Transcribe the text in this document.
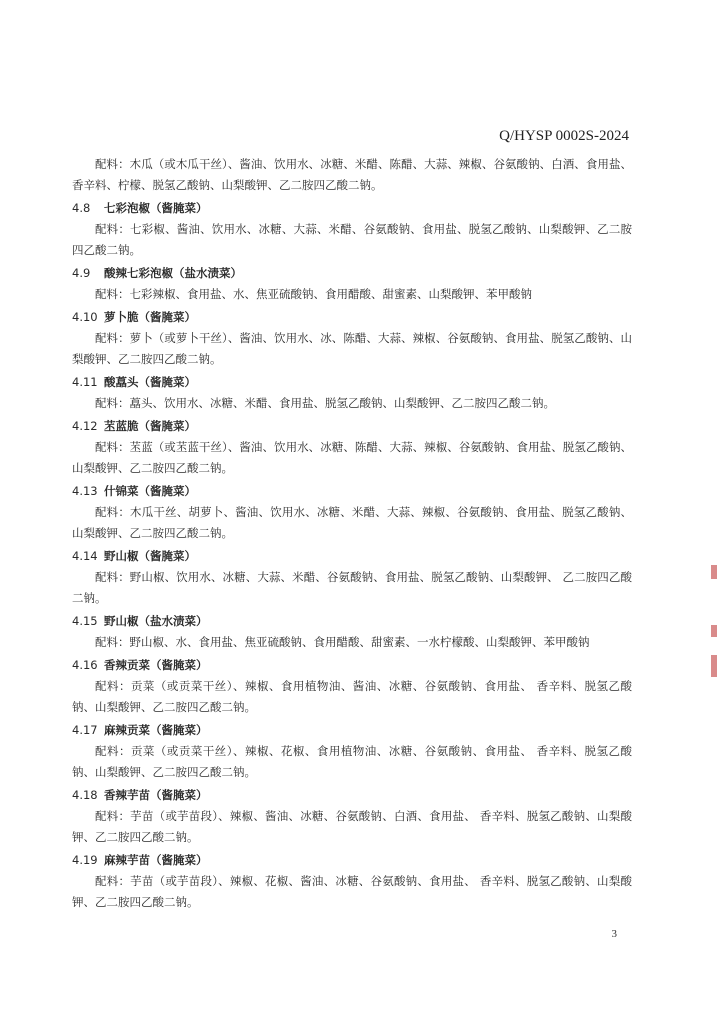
Q/HYSP 0002S-2024

配料：木瓜（或木瓜干丝）、酱油、饮用水、冰糖、米醋、陈醋、大蒜、辣椒、谷氨酸钠、白酒、食用盐、香辛料、柠檬、脱氢乙酸钠、山梨酸钾、乙二胺四乙酸二钠。

4.8 七彩泡椒（酱腌菜）

配料：七彩椒、酱油、饮用水、冰糖、大蒜、米醋、谷氨酸钠、食用盐、脱氢乙酸钠、山梨酸钾、乙二胺四乙酸二钠。

4.9 酸辣七彩泡椒（盐水渍菜）

配料：七彩辣椒、食用盐、水、焦亚硫酸钠、食用醋酸、甜蜜素、山梨酸钾、苯甲酸钠

4.10 萝卜脆（酱腌菜）

配料：萝卜（或萝卜干丝）、酱油、饮用水、冰、陈醋、大蒜、辣椒、谷氨酸钠、食用盐、脱氢乙酸钠、山梨酸钾、乙二胺四乙酸二钠。

4.11 酸藠头（酱腌菜）

配料：藠头、饮用水、冰糖、米醋、食用盐、脱氢乙酸钠、山梨酸钾、乙二胺四乙酸二钠。

4.12 苤蓝脆（酱腌菜）

配料：苤蓝（或苤蓝干丝）、酱油、饮用水、冰糖、陈醋、大蒜、辣椒、谷氨酸钠、食用盐、脱氢乙酸钠、山梨酸钾、乙二胺四乙酸二钠。

4.13 什锦菜（酱腌菜）

配料：木瓜干丝、胡萝卜、酱油、饮用水、冰糖、米醋、大蒜、辣椒、谷氨酸钠、食用盐、脱氢乙酸钠、山梨酸钾、乙二胺四乙酸二钠。

4.14 野山椒（酱腌菜）

配料：野山椒、饮用水、冰糖、大蒜、米醋、谷氨酸钠、食用盐、脱氢乙酸钠、山梨酸钾、 乙二胺四乙酸二钠。

4.15 野山椒（盐水渍菜）

配料：野山椒、水、食用盐、焦亚硫酸钠、食用醋酸、甜蜜素、一水柠檬酸、山梨酸钾、苯甲酸钠

4.16 香辣贡菜（酱腌菜）

配料：贡菜（或贡菜干丝）、辣椒、食用植物油、酱油、冰糖、谷氨酸钠、食用盐、 香辛料、脱氢乙酸钠、山梨酸钾、乙二胺四乙酸二钠。

4.17 麻辣贡菜（酱腌菜）

配料：贡菜（或贡菜干丝）、辣椒、花椒、食用植物油、冰糖、谷氨酸钠、食用盐、 香辛料、脱氢乙酸钠、山梨酸钾、乙二胺四乙酸二钠。

4.18 香辣芋苗（酱腌菜）

配料：芋苗（或芋苗段）、辣椒、酱油、冰糖、谷氨酸钠、白酒、食用盐、 香辛料、脱氢乙酸钠、山梨酸钾、乙二胺四乙酸二钠。

4.19 麻辣芋苗（酱腌菜）

配料：芋苗（或芋苗段）、辣椒、花椒、酱油、冰糖、谷氨酸钠、食用盐、 香辛料、脱氢乙酸钠、山梨酸钾、乙二胺四乙酸二钠。

3
